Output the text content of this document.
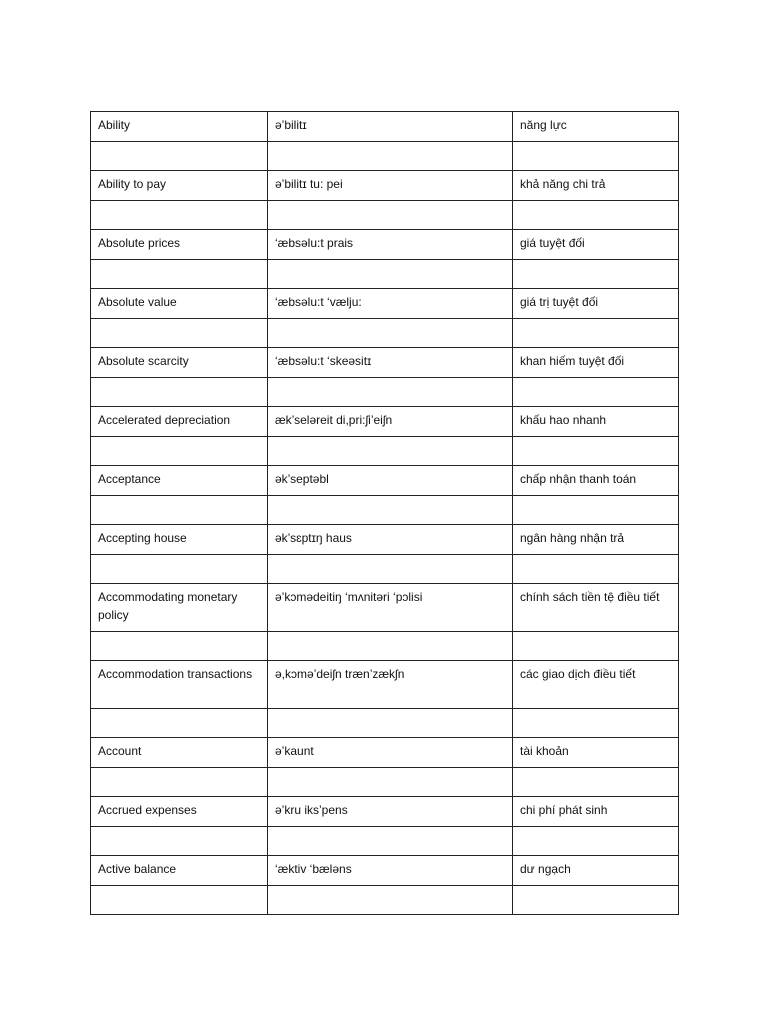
Ability	ə’bilitɪ	năng lực

Ability to pay	ə’bilitɪ tu: pei	khả năng chi trả

Absolute prices	‘æbsəlu:t prais	giá tuyệt đối

Absolute value	‘æbsəlu:t ‘vælju:	giá trị tuyệt đối

Absolute scarcity	‘æbsəlu:t ‘skeəsitɪ	khan hiếm tuyệt đối

Accelerated depreciation	æk’seləreit di,pri:ʃi’eiʃn	khấu hao nhanh

Acceptance	ək’septəbl	chấp nhận thanh toán

Accepting house	ək’sɛptɪŋ haus	ngân hàng nhận trả

Accommodating monetary policy	ə’kɔmədeitiŋ ‘mʌnitəri ‘pɔlisi	chính sách tiền tệ điều tiết

Accommodation transactions	ə,kɔmə’deiʃn træn’zækʃn	các giao dịch điều tiết

Account	ə’kaunt	tài khoản

Accrued expenses	ə’kru iks’pens	chi phí phát sinh

Active balance	‘æktiv ‘bæləns	dư ngạch
